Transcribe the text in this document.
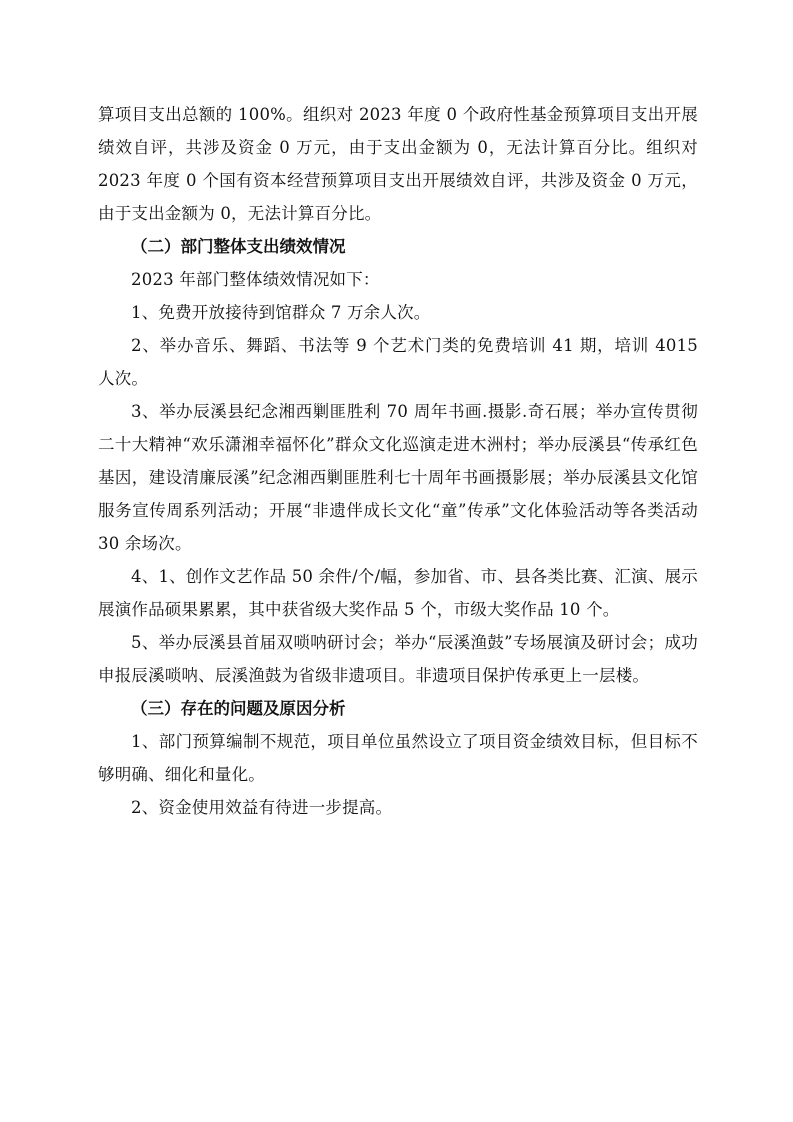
算项目支出总额的 100%。组织对 2023 年度 0 个政府性基金预算项目支出开展绩效自评，共涉及资金 0 万元，由于支出金额为 0，无法计算百分比。组织对 2023 年度 0 个国有资本经营预算项目支出开展绩效自评，共涉及资金 0 万元，由于支出金额为 0，无法计算百分比。

（二）部门整体支出绩效情况

2023 年部门整体绩效情况如下：

1、免费开放接待到馆群众 7 万余人次。

2、举办音乐、舞蹈、书法等 9 个艺术门类的免费培训 41 期，培训 4015 人次。

3、举办辰溪县纪念湘西剿匪胜利 70 周年书画.摄影.奇石展；举办宣传贯彻二十大精神“欢乐潇湘幸福怀化”群众文化巡演走进木洲村；举办辰溪县“传承红色基因，建设清廉辰溪”纪念湘西剿匪胜利七十周年书画摄影展；举办辰溪县文化馆服务宣传周系列活动；开展“非遗伴成长文化“童”传承”文化体验活动等各类活动 30 余场次。

4、1、创作文艺作品 50 余件/个/幅，参加省、市、县各类比赛、汇演、展示展演作品硕果累累，其中获省级大奖作品 5 个，市级大奖作品 10 个。

5、举办辰溪县首届双唢呐研讨会；举办“辰溪渔鼓”专场展演及研讨会；成功申报辰溪唢呐、辰溪渔鼓为省级非遗项目。非遗项目保护传承更上一层楼。

（三）存在的问题及原因分析

1、部门预算编制不规范，项目单位虽然设立了项目资金绩效目标，但目标不够明确、细化和量化。

2、资金使用效益有待进一步提高。
